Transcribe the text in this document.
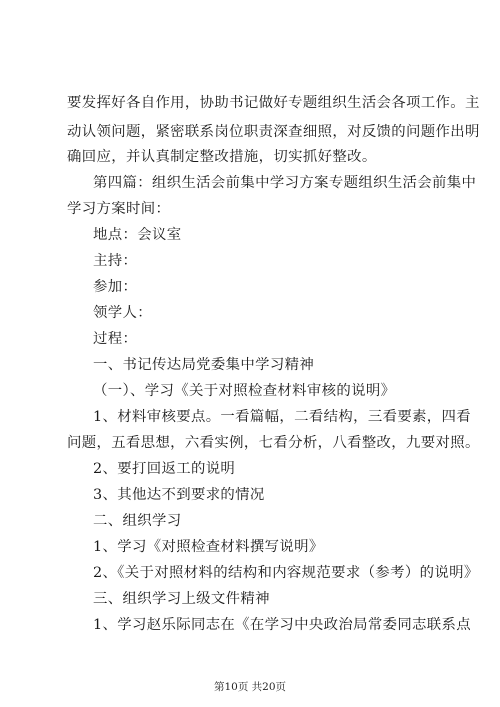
要发挥好各自作用，协助书记做好专题组织生活会各项工作。主
动认领问题，紧密联系岗位职责深查细照，对反馈的问题作出明
确回应，并认真制定整改措施，切实抓好整改。
第四篇：组织生活会前集中学习方案专题组织生活会前集中
学习方案时间：
地点：会议室
主持：
参加：
领学人：
过程：
一、书记传达局党委集中学习精神
（一）、学习《关于对照检查材料审核的说明》
1、材料审核要点。一看篇幅，二看结构，三看要素，四看
问题，五看思想，六看实例，七看分析，八看整改，九要对照。
2、要打回返工的说明
3、其他达不到要求的情况
二、组织学习
1、学习《对照检查材料撰写说明》
2、《关于对照材料的结构和内容规范要求（参考）的说明》
三、组织学习上级文件精神
1、学习赵乐际同志在《在学习中央政治局常委同志联系点
第10页 共20页
